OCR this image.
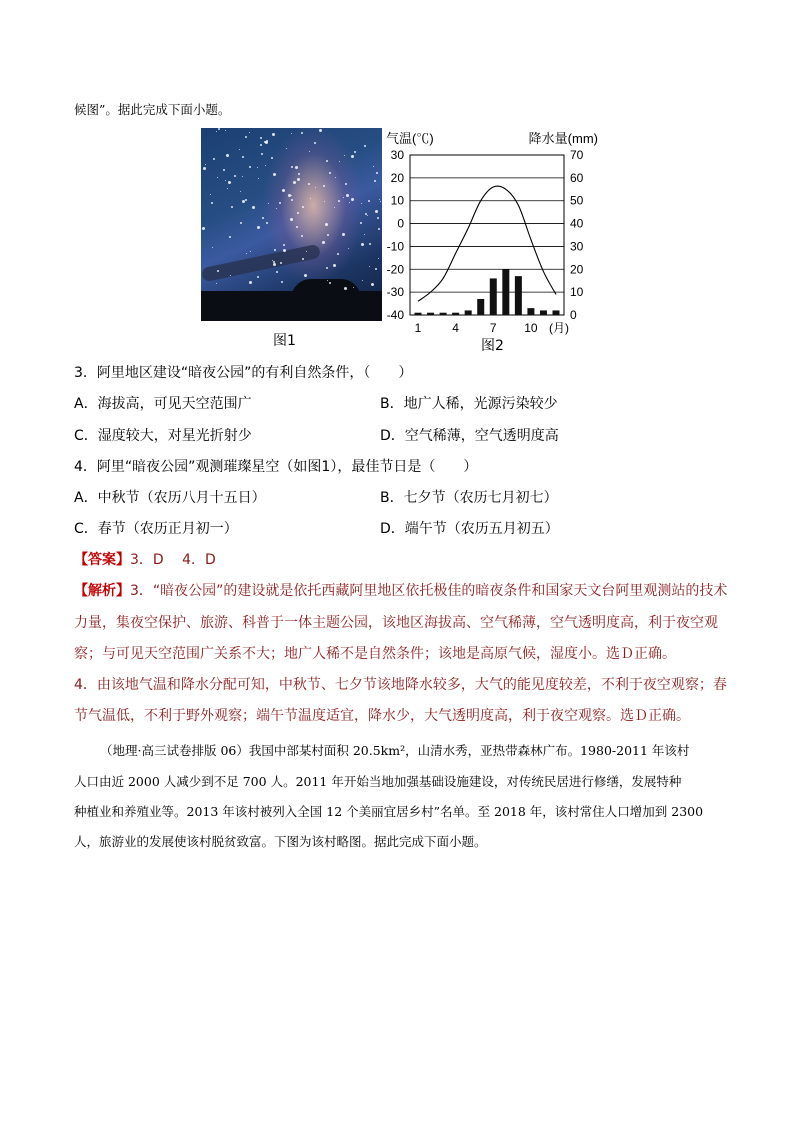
候图”。据此完成下面小题。
图1
30
20
10
0
-10
-20
-30
-40
70
60
50
40
30
20
10
0
气温(℃)	降水量(mm)
1	4	7 10 (月)
图2
3．阿里地区建设“暗夜公园”的有利自然条件，（　　）
A．海拔高，可见天空范围广	B．地广人稀，光源污染较少
C．湿度较大，对星光折射少	D．空气稀薄，空气透明度高
4．阿里“暗夜公园”观测璀璨星空（如图1），最佳节日是（　　）
A．中秋节（农历八月十五日）	B．七夕节（农历七月初七）
C．春节（农历正月初一）	D．端午节（农历五月初五）
【答案】3．D　 4．D
【解析】3．“暗夜公园”的建设就是依托西藏阿里地区依托极佳的暗夜条件和国家天文台阿里观测站的技术
力量，集夜空保护、旅游、科普于一体主题公园，该地区海拔高、空气稀薄，空气透明度高，利于夜空观
察；与可见天空范围广关系不大；地广人稀不是自然条件；该地是高原气候，湿度小。选Ｄ正确。
4．由该地气温和降水分配可知，中秋节、七夕节该地降水较多，大气的能见度较差，不利于夜空观察；春
节气温低，不利于野外观察；端午节温度适宜，降水少，大气透明度高，利于夜空观察。选Ｄ正确。
（地理·高三试卷排版 06）我国中部某村面积 20.5km²，山清水秀，亚热带森林广布。1980-2011 年该村
人口由近 2000 人减少到不足 700 人。2011 年开始当地加强基础设施建设，对传统民居进行修缮，发展特种
种植业和养殖业等。2013 年该村被列入全国 12 个美丽宜居乡村”名单。至 2018 年，该村常住人口增加到 2300
人，旅游业的发展使该村脱贫致富。下图为该村略图。据此完成下面小题。
